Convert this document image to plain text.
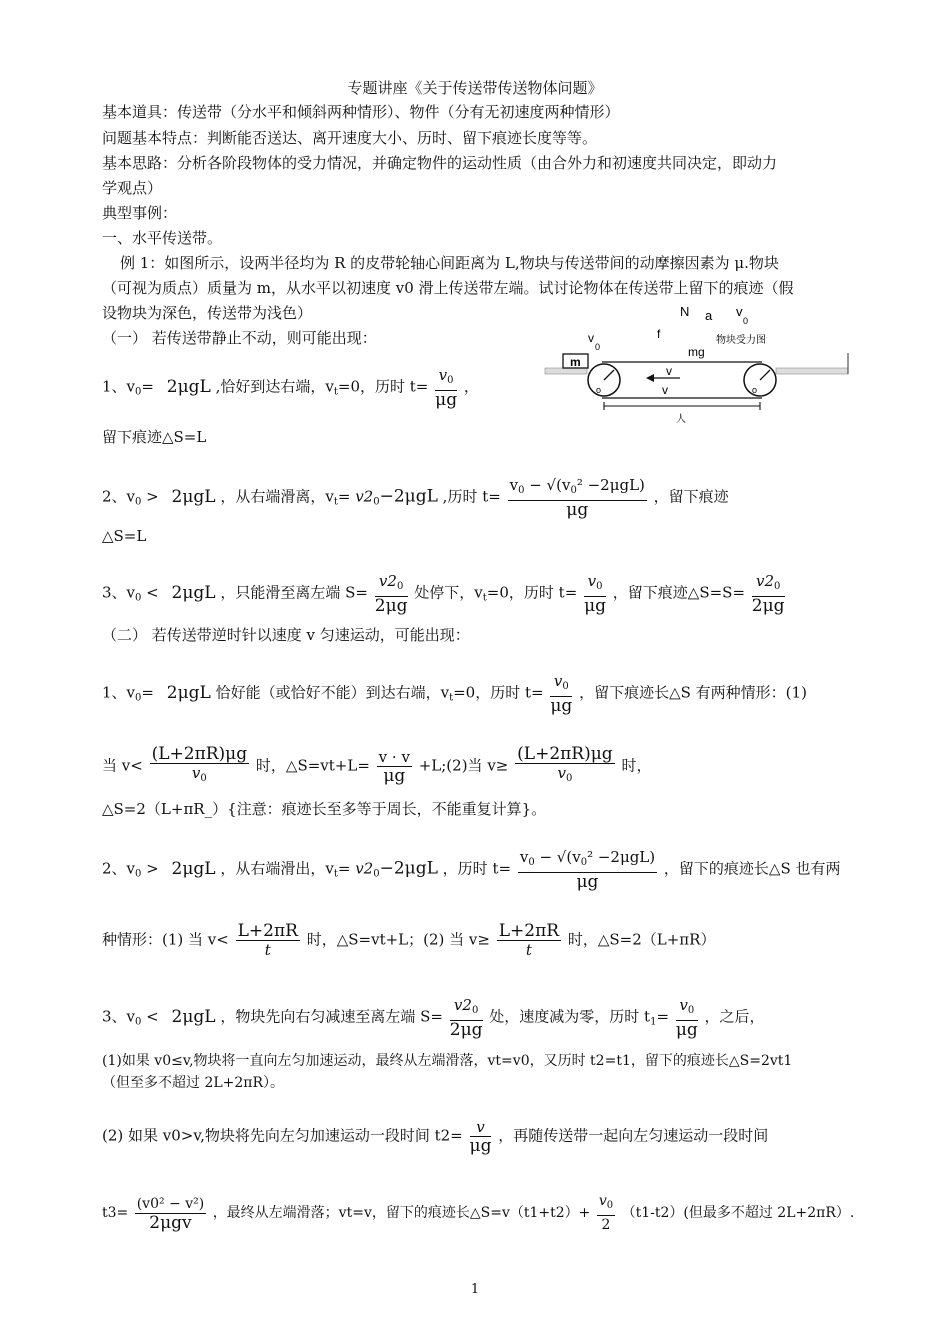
专题讲座《关于传送带传送物体问题》
基本道具：传送带（分水平和倾斜两种情形）、物件（分有无初速度两种情形）
问题基本特点：判断能否送达、离开速度大小、历时、留下痕迹长度等等。
基本思路：分析各阶段物体的受力情况，并确定物件的运动性质（由合外力和初速度共同决定，即动力
学观点）
典型事例：
一、水平传送带。
例 1：如图所示，设两半径均为 R 的皮带轮轴心间距离为 L,物块与传送带间的动摩擦因素为 μ.物块
（可视为质点）质量为 m，从水平以初速度 v0 滑上传送带左端。试讨论物体在传送带上留下的痕迹（假
设物块为深色，传送带为浅色）	N a v
0
v
0
f
mg
物块受力图
m
o	o
v
v
人
（一） 若传送带静止不动，则可能出现：
1、$v_0= 2\mu gL$ ,恰好到达右端，$v_t=0$，历时 $t= \frac{v_0}{\mu g}$ ，
留下痕迹△S=L
2、$v_0 > 2\mu gL$ ，从右端滑离，$v_t= v2_0-2\mu gL$ ,历时 $t= \frac{v_0 - √(v_0^2 -2\mu gL)}{\mu g}$ ，留下痕迹
△S=L
3、$v_0 < 2\mu gL$ ，只能滑至离左端 $S= \frac{v2_0}{2\mu g}$ 处停下，$v_t=0$，历时 $t= \frac{v_0}{\mu g}$ ，留下痕迹△S=S= $\frac{v2_0}{2\mu g}$
（二） 若传送带逆时针以速度 v 匀速运动，可能出现：
1、$v_0= 2\mu gL$ 恰好能（或恰好不能）到达右端，$v_t=0$，历时 $t= \frac{v_0}{\mu g}$ ，留下痕迹长△S 有两种情形：(1)
当 $v< \frac{(L+2\pi R)\mu g}{v_0}$ 时，△S=vt+L= $\frac{v \cdot v}{\mu g}$ +L;(2)当 $v\ge \frac{(L+2\pi R)\mu g}{v_0}$ 时，
△S=2（L+πR_）{注意：痕迹长至多等于周长，不能重复计算}。
2、$v_0 > 2\mu gL$ ，从右端滑出，$v_t= v2_0-2\mu gL$ ，历时 $t= \frac{v_0 - √(v_0^2 -2\mu gL)}{\mu g}$ ，留下的痕迹长△S 也有两
种情形：(1) 当 $v< \frac{L+2\pi R}{t}$ 时，△S=vt+L；(2) 当 $v\ge \frac{L+2\pi R}{t}$ 时，△S=2（L+πR）
3、$v_0 < 2\mu gL$ ，物块先向右匀减速至离左端 $S= \frac{v2_0}{2\mu g}$ 处，速度减为零，历时 $t_1= \frac{v_0}{\mu g}$ ，之后，
(1)如果 v0≤v,物块将一直向左匀加速运动，最终从左端滑落，vt=v0，又历时 t2=t1，留下的痕迹长△S=2vt1
（但至多不超过 2L+2πR）。
(2) 如果 v0>v,物块将先向左匀加速运动一段时间 $t2= \frac{v}{\mu g}$ ，再随传送带一起向左匀速运动一段时间
$t3= \frac{\text{(v0² − v²)}}{\text{2μgv}}$ ，最终从左端滑落；vt=v，留下的痕迹长△S=v（t1+t2）+ $\frac{v_0}{2} (t1-t2)$(但最多不超过 2L+2πR）.
1
